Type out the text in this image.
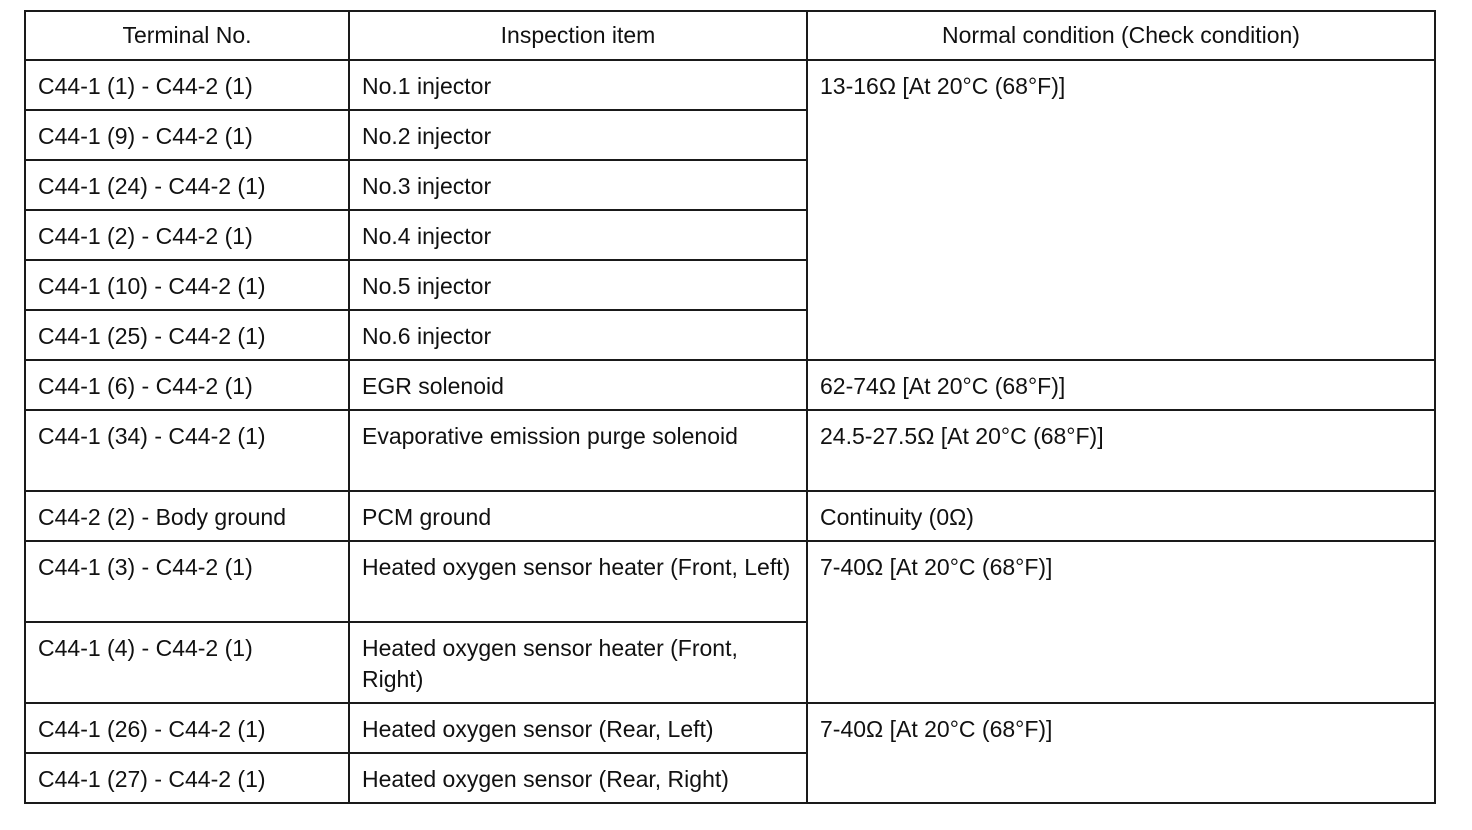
Terminal No.	Inspection item	Normal condition (Check condition)
C44-1 (1) - C44-2 (1)	No.1 injector	13-16Ω [At 20°C (68°F)]
C44-1 (9) - C44-2 (1)	No.2 injector	
C44-1 (24) - C44-2 (1)	No.3 injector	
C44-1 (2) - C44-2 (1)	No.4 injector	
C44-1 (10) - C44-2 (1)	No.5 injector	
C44-1 (25) - C44-2 (1)	No.6 injector	
C44-1 (6) - C44-2 (1)	EGR solenoid	62-74Ω [At 20°C (68°F)]
C44-1 (34) - C44-2 (1)	Evaporative emission purge solenoid	24.5-27.5Ω [At 20°C (68°F)]
C44-2 (2) - Body ground	PCM ground	Continuity (0Ω)
C44-1 (3) - C44-2 (1)	Heated oxygen sensor heater (Front, Left)	7-40Ω [At 20°C (68°F)]
C44-1 (4) - C44-2 (1)	Heated oxygen sensor heater (Front, Right)	
C44-1 (26) - C44-2 (1)	Heated oxygen sensor (Rear, Left)	7-40Ω [At 20°C (68°F)]
C44-1 (27) - C44-2 (1)	Heated oxygen sensor (Rear, Right)	
